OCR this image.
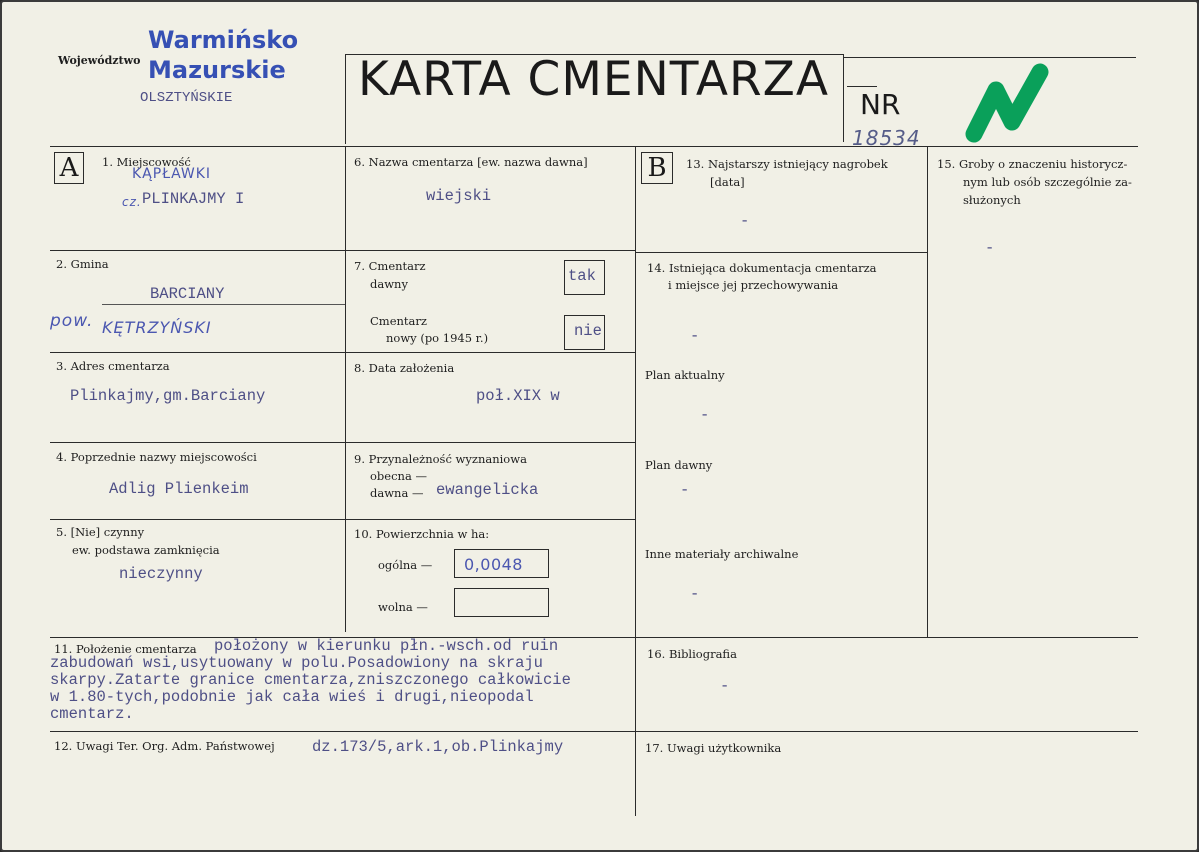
Województwo
Warmińsko
Mazurskie
OLSZTYŃSKIE	KARTA CMENTARZA NR
18534
A	1. Miejscowość
KĄPŁAWKI
cz. PLINKAJMY I
2. Gmina
BARCIANY
pow. KĘTRZYŃSKI
3. Adres cmentarza
Plinkajmy,gm.Barciany
4. Poprzednie nazwy miejscowości
Adlig Plienkeim
5. [Nie] czynny
ew. podstawa zamknięcia
nieczynny
6. Nazwa cmentarza [ew. nazwa dawna]
wiejski
7. Cmentarz
dawny	tak
Cmentarz
nowy (po 1945 r.)	nie
8. Data założenia
poł.XIX w
9. Przynależność wyznaniowa
obecna —
dawna — ewangelicka
10. Powierzchnia w ha:
ogólna — 0,0048
wolna —
B	13. Najstarszy istniejący nagrobek
[data]
-
14. Istniejąca dokumentacja cmentarza
i miejsce jej przechowywania
-
Plan aktualny
-
Plan dawny
-
Inne materiały archiwalne
-
15. Groby o znaczeniu historycz-
nym lub osób szczególnie za-
służonych
-
11. Położenie cmentarza położony w kierunku płn.-wsch.od ruin
zabudowań wsi,usytuowany w polu.Posadowiony na skraju
skarpy.Zatarte granice cmentarza,zniszczonego całkowicie
w 1.80-tych,podobnie jak cała wieś i drugi,nieopodal
cmentarz.
16. Bibliografia
-
12. Uwagi Ter. Org. Adm. Państwowej dz.173/5,ark.1,ob.Plinkajmy	17. Uwagi użytkownika
